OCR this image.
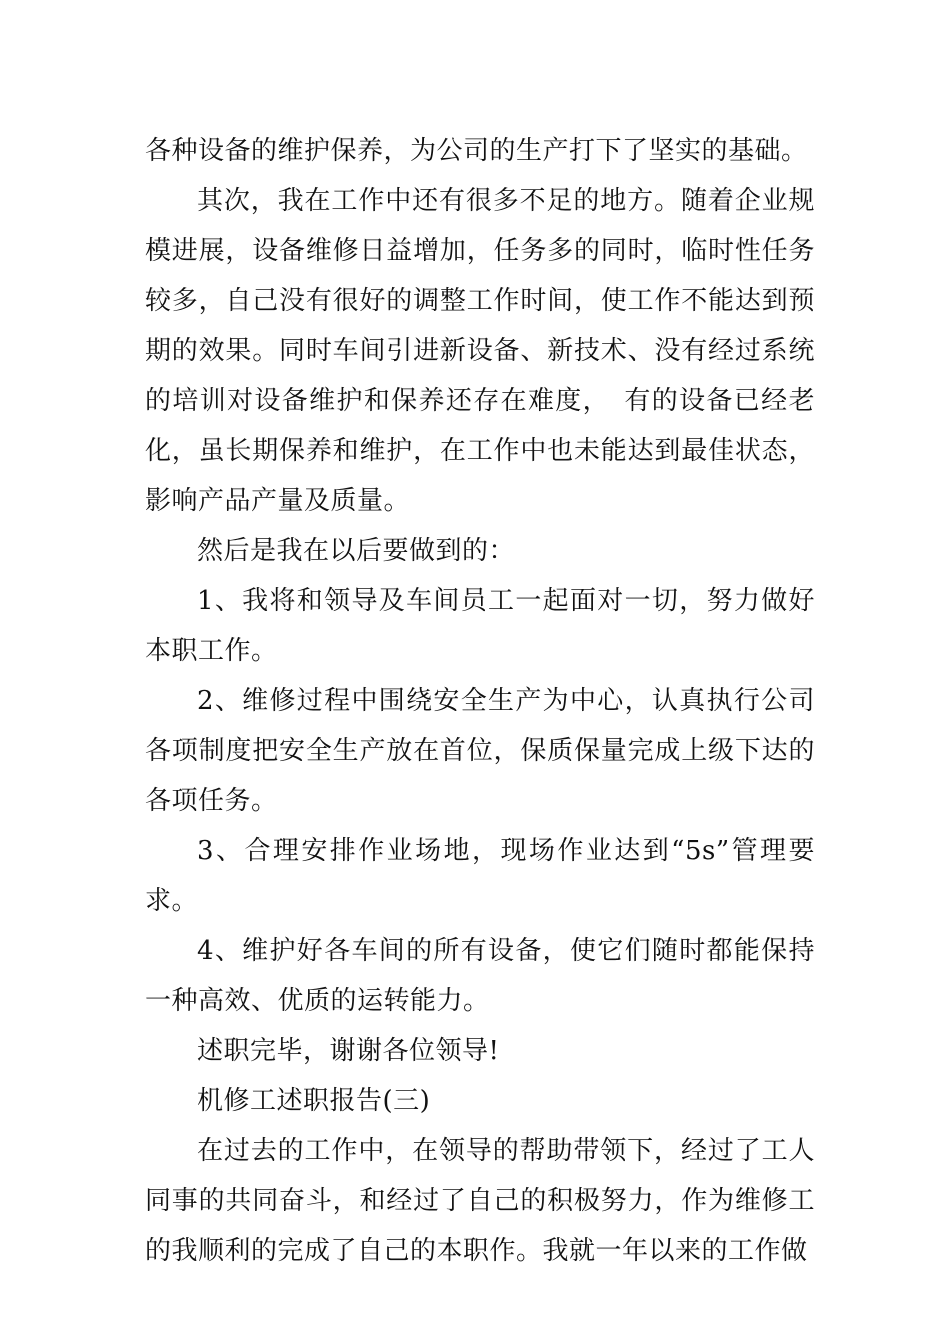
各种设备的维护保养，为公司的生产打下了坚实的基础。

其次，我在工作中还有很多不足的地方。随着企业规模进展，设备维修日益增加，任务多的同时，临时性任务较多，自己没有很好的调整工作时间，使工作不能达到预期的效果。同时车间引进新设备、新技术、没有经过系统的培训对设备维护和保养还存在难度，　有的设备已经老化，虽长期保养和维护，在工作中也未能达到最佳状态，影响产品产量及质量。

然后是我在以后要做到的：

1、我将和领导及车间员工一起面对一切，努力做好本职工作。

2、维修过程中围绕安全生产为中心，认真执行公司各项制度把安全生产放在首位，保质保量完成上级下达的各项任务。

3、合理安排作业场地，现场作业达到“5s”管理要求。

4、维护好各车间的所有设备，使它们随时都能保持一种高效、优质的运转能力。

述职完毕，谢谢各位领导!

机修工述职报告(三)

在过去的工作中，在领导的帮助带领下，经过了工人同事的共同奋斗，和经过了自己的积极努力，作为维修工的我顺利的完成了自己的本职作。我就一年以来的工作做
